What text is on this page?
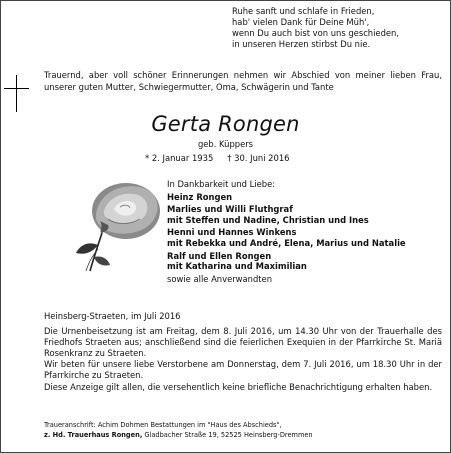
Ruhe sanft und schlafe in Frieden,
hab' vielen Dank für Deine Müh',
wenn Du auch bist von uns geschieden,
in unseren Herzen stirbst Du nie.
Trauernd, aber voll schöner Erinnerungen nehmen wir Abschied von meiner lieben Frau, unserer guten Mutter, Schwiegermutter, Oma, Schwägerin und Tante
Gerta Rongen
geb. Küppers
* 2. Januar 1935 † 30. Juni 2016
In Dankbarkeit und Liebe:
Heinz Rongen
Marlies und Willi Fluthgraf
mit Steffen und Nadine, Christian und Ines
Henni und Hannes Winkens
mit Rebekka und André, Elena, Marius und Natalie
Ralf und Ellen Rongen
mit Katharina und Maximilian
sowie alle Anverwandten
Heinsberg-Straeten, im Juli 2016

Die Urnenbeisetzung ist am Freitag, dem 8. Juli 2016, um 14.30 Uhr von der Trauerhalle des Friedhofs Straeten aus; anschließend sind die feierlichen Exequien in der Pfarrkirche St. Mariä Rosenkranz zu Straeten.

Wir beten für unsere liebe Verstorbene am Donnerstag, dem 7. Juli 2016, um 18.30 Uhr in der Pfarrkirche zu Straeten.

Diese Anzeige gilt allen, die versehentlich keine briefliche Benachrichtigung erhalten haben.

Traueranschrift: Achim Dohmen Bestattungen im "Haus des Abschieds",
z. Hd. Trauerhaus Rongen, Gladbacher Straße 19, 52525 Heinsberg-Dremmen
